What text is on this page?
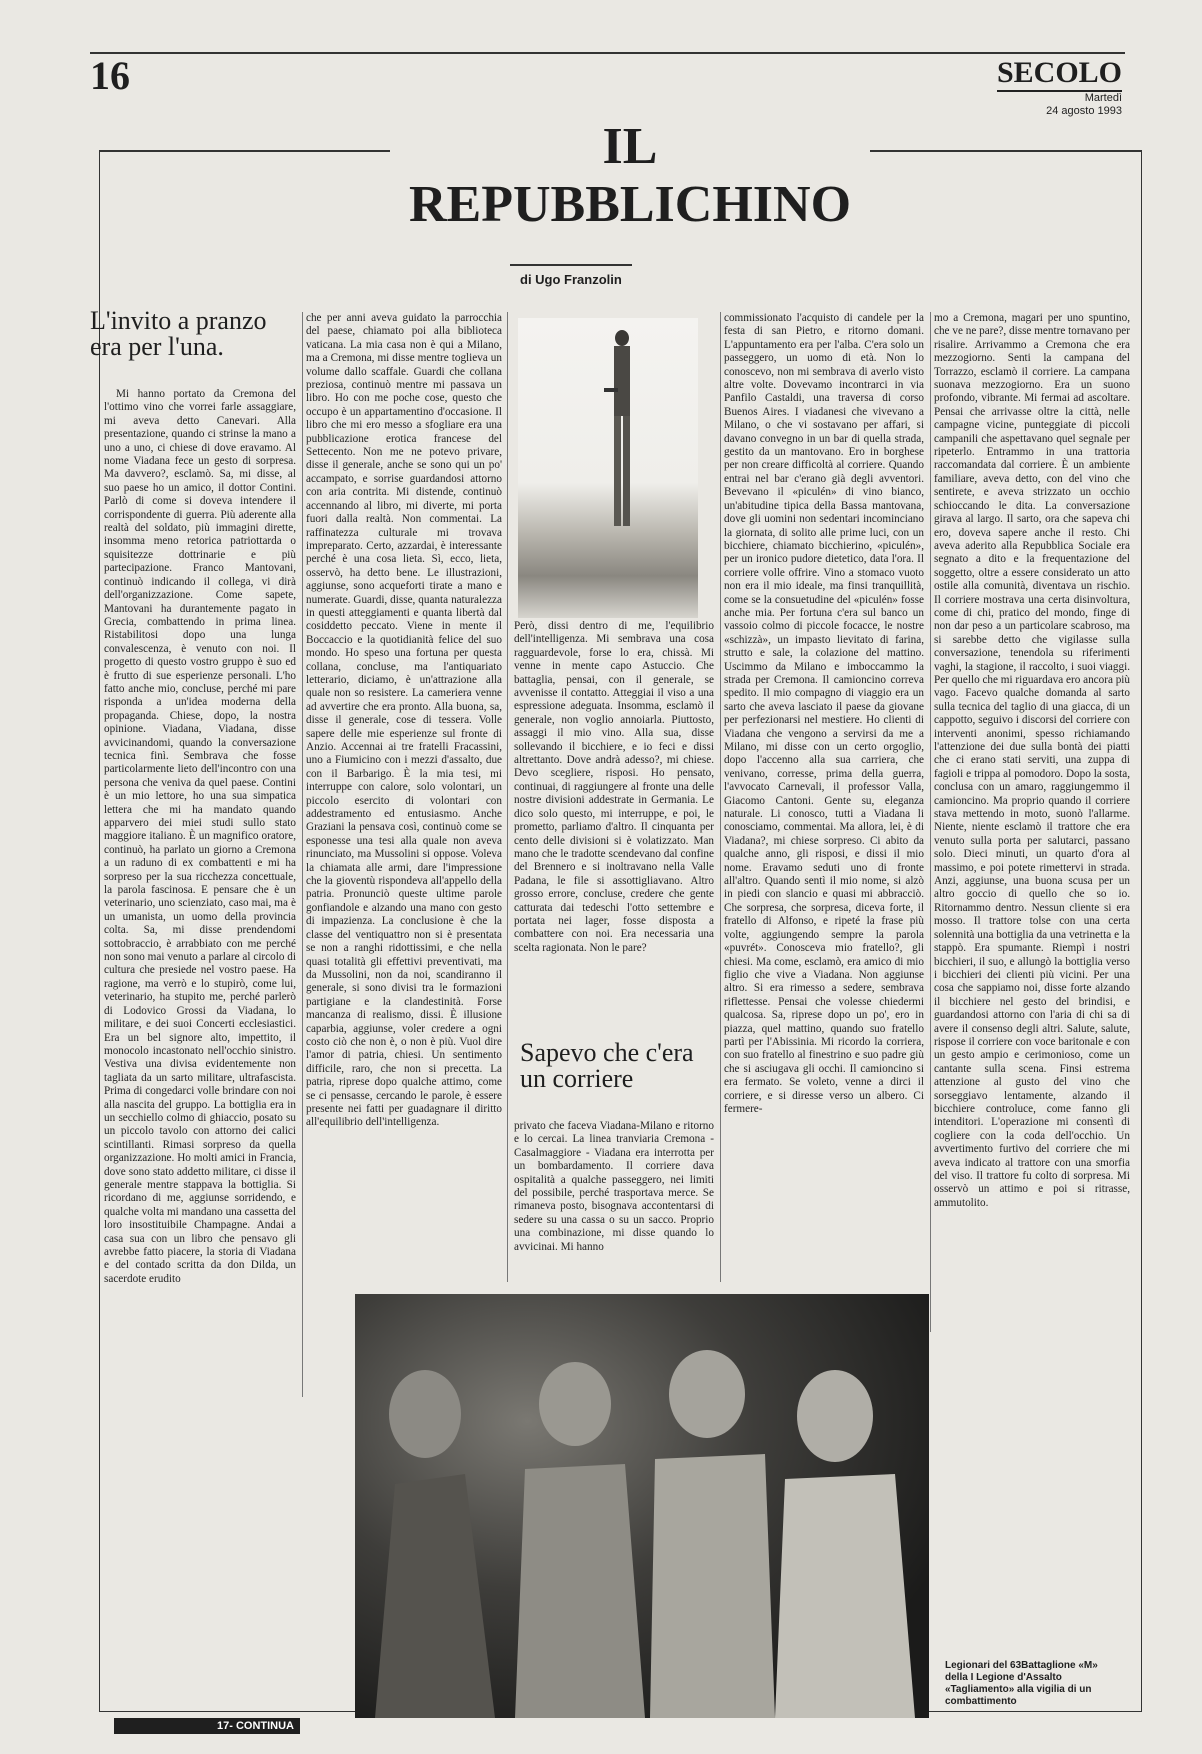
16	SECOLO
Martedì
24 agosto 1993
IL
REPUBBLICHINO
di Ugo Franzolin
L'invito a pranzo era per l'una.

Mi hanno portato da Cremona del l'ottimo vino che vorrei farle assaggiare, mi aveva detto Canevari. Alla presentazione, quando ci strinse la mano a uno a uno, ci chiese di dove eravamo. Al nome Viadana fece un gesto di sorpresa. Ma davvero?, esclamò. Sa, mi disse, al suo paese ho un amico, il dottor Contini. Parlò di come si doveva intendere il corrispondente di guerra. Più aderente alla realtà del soldato, più immagini dirette, insomma meno retorica patriottarda o squisitezze dottrinarie e più partecipazione. Franco Mantovani, continuò indicando il collega, vi dirà dell'organizzazione. Come sapete, Mantovani ha durantemente pagato in Grecia, combattendo in prima linea. Ristabilitosi dopo una lunga convalescenza, è venuto con noi. Il progetto di questo vostro gruppo è suo ed è frutto di sue esperienze personali. L'ho fatto anche mio, concluse, perché mi pare risponda a un'idea moderna della propaganda. Chiese, dopo, la nostra opinione. Viadana, Viadana, disse avvicinandomi, quando la conversazione tecnica finì. Sembrava che fosse particolarmente lieto dell'incontro con una persona che veniva da quel paese. Contini è un mio lettore, ho una sua simpatica lettera che mi ha mandato quando apparvero dei miei studi sullo stato maggiore italiano. È un magnifico oratore, continuò, ha parlato un giorno a Cremona a un raduno di ex combattenti e mi ha sorpreso per la sua ricchezza concettuale, la parola fascinosa. E pensare che è un veterinario, uno scienziato, caso mai, ma è un umanista, un uomo della provincia colta. Sa, mi disse prendendomi sottobraccio, è arrabbiato con me perché non sono mai venuto a parlare al circolo di cultura che presiede nel vostro paese. Ha ragione, ma verrò e lo stupirò, come lui, veterinario, ha stupito me, perché parlerò di Lodovico Grossi da Viadana, lo militare, e dei suoi Concerti ecclesiastici. Era un bel signore alto, impettito, il monocolo incastonato nell'occhio sinistro. Vestiva una divisa evidentemente non tagliata da un sarto militare, ultrafascista. Prima di congedarci volle brindare con noi alla nascita del gruppo. La bottiglia era in un secchiello colmo di ghiaccio, posato su un piccolo tavolo con attorno dei calici scintillanti. Rimasi sorpreso da quella organizzazione. Ho molti amici in Francia, dove sono stato addetto militare, ci disse il generale mentre stappava la bottiglia. Si ricordano di me, aggiunse sorridendo, e qualche volta mi mandano una cassetta del loro insostituibile Champagne. Andai a casa sua con un libro che pensavo gli avrebbe fatto piacere, la storia di Viadana e del contado scritta da don Dilda, un sacerdote erudito

che per anni aveva guidato la parrocchia del paese, chiamato poi alla biblioteca vaticana. La mia casa non è qui a Milano, ma a Cremona, mi disse mentre toglieva un volume dallo scaffale. Guardi che collana preziosa, continuò mentre mi passava un libro. Ho con me poche cose, questo che occupo è un appartamentino d'occasione. Il libro che mi ero messo a sfogliare era una pubblicazione erotica francese del Settecento. Non me ne potevo privare, disse il generale, anche se sono qui un po' accampato, e sorrise guardandosi attorno con aria contrita. Mi distende, continuò accennando al libro, mi diverte, mi porta fuori dalla realtà. Non commentai. La raffinatezza culturale mi trovava impreparato. Certo, azzardai, è interessante perché è una cosa lieta. Sì, ecco, lieta, osservò, ha detto bene. Le illustrazioni, aggiunse, sono acqueforti tirate a mano e numerate. Guardi, disse, quanta naturalezza in questi atteggiamenti e quanta libertà dal cosiddetto peccato. Viene in mente il Boccaccio e la quotidianità felice del suo mondo. Ho speso una fortuna per questa collana, concluse, ma l'antiquariato letterario, diciamo, è un'attrazione alla quale non so resistere. La cameriera venne ad avvertire che era pronto. Alla buona, sa, disse il generale, cose di tessera. Volle sapere delle mie esperienze sul fronte di Anzio. Accennai ai tre fratelli Fracassini, uno a Fiumicino con i mezzi d'assalto, due con il Barbarigo. È la mia tesi, mi interruppe con calore, solo volontari, un piccolo esercito di volontari con addestramento ed entusiasmo. Anche Graziani la pensava così, continuò come se esponesse una tesi alla quale non aveva rinunciato, ma Mussolini si oppose. Voleva la chiamata alle armi, dare l'impressione che la gioventù rispondeva all'appello della patria. Pronunciò queste ultime parole gonfiandole e alzando una mano con gesto di impazienza. La conclusione è che la classe del ventiquattro non si è presentata se non a ranghi ridottissimi, e che nella quasi totalità gli effettivi preventivati, ma da Mussolini, non da noi, scandiranno il generale, si sono divisi tra le formazioni partigiane e la clandestinità. Forse mancanza di realismo, dissi. È illusione caparbia, aggiunse, voler credere a ogni costo ciò che non è, o non è più. Vuol dire l'amor di patria, chiesi. Un sentimento difficile, raro, che non si precetta. La patria, riprese dopo qualche attimo, come se ci pensasse, cercando le parole, è essere presente nei fatti per guadagnare il diritto all'equilibrio dell'intelligenza.

Però, dissi dentro di me, l'equilibrio dell'intelligenza. Mi sembrava una cosa ragguardevole, forse lo era, chissà. Mi venne in mente capo Astuccio. Che battaglia, pensai, con il generale, se avvenisse il contatto. Atteggiai il viso a una espressione adeguata. Insomma, esclamò il generale, non voglio annoiarla. Piuttosto, assaggi il mio vino. Alla sua, disse sollevando il bicchiere, e io feci e dissi altrettanto. Dove andrà adesso?, mi chiese. Devo scegliere, risposi. Ho pensato, continuai, di raggiungere al fronte una delle nostre divisioni addestrate in Germania. Le dico solo questo, mi interruppe, e poi, le prometto, parliamo d'altro. Il cinquanta per cento delle divisioni si è volatizzato. Man mano che le tradotte scendevano dal confine del Brennero e si inoltravano nella Valle Padana, le file si assottigliavano. Altro grosso errore, concluse, credere che gente catturata dai tedeschi l'otto settembre e portata nei lager, fosse disposta a combattere con noi. Era necessaria una scelta ragionata. Non le pare?

Sapevo che c'era un corriere

privato che faceva Viadana-Milano e ritorno e lo cercai. La linea tranviaria Cremona - Casalmaggiore - Viadana era interrotta per un bombardamento. Il corriere dava ospitalità a qualche passeggero, nei limiti del possibile, perché trasportava merce. Se rimaneva posto, bisognava accontentarsi di sedere su una cassa o su un sacco. Proprio una combinazione, mi disse quando lo avvicinai. Mi hanno

commissionato l'acquisto di candele per la festa di san Pietro, e ritorno domani. L'appuntamento era per l'alba. C'era solo un passeggero, un uomo di età. Non lo conoscevo, non mi sembrava di averlo visto altre volte. Dovevamo incontrarci in via Panfilo Castaldi, una traversa di corso Buenos Aires. I viadanesi che vivevano a Milano, o che vi sostavano per affari, si davano convegno in un bar di quella strada, gestito da un mantovano. Ero in borghese per non creare difficoltà al corriere. Quando entrai nel bar c'erano già degli avventori. Bevevano il «piculén» di vino bianco, un'abitudine tipica della Bassa mantovana, dove gli uomini non sedentari incominciano la giornata, di solito alle prime luci, con un bicchiere, chiamato bicchierino, «piculén», per un ironico pudore dietetico, data l'ora. Il corriere volle offrire. Vino a stomaco vuoto non era il mio ideale, ma finsi tranquillità, come se la consuetudine del «piculén» fosse anche mia. Per fortuna c'era sul banco un vassoio colmo di piccole focacce, le nostre «schizzà», un impasto lievitato di farina, strutto e sale, la colazione del mattino. Uscimmo da Milano e imboccammo la strada per Cremona. Il camioncino correva spedito. Il mio compagno di viaggio era un sarto che aveva lasciato il paese da giovane per perfezionarsi nel mestiere. Ho clienti di Viadana che vengono a servirsi da me a Milano, mi disse con un certo orgoglio, dopo l'accenno alla sua carriera, che venivano, corresse, prima della guerra, l'avvocato Carnevali, il professor Valla, Giacomo Cantoni. Gente su, eleganza naturale. Li conosco, tutti a Viadana li conosciamo, commentai. Ma allora, lei, è di Viadana?, mi chiese sorpreso. Ci abito da qualche anno, gli risposi, e dissi il mio nome. Eravamo seduti uno di fronte all'altro. Quando sentì il mio nome, si alzò in piedi con slancio e quasi mi abbracciò. Che sorpresa, che sorpresa, diceva forte, il fratello di Alfonso, e ripeté la frase più volte, aggiungendo sempre la parola «puvrét». Conosceva mio fratello?, gli chiesi. Ma come, esclamò, era amico di mio figlio che vive a Viadana. Non aggiunse altro. Si era rimesso a sedere, sembrava riflettesse. Pensai che volesse chiedermi qualcosa. Sa, riprese dopo un po', ero in piazza, quel mattino, quando suo fratello partì per l'Abissinia. Mi ricordo la corriera, con suo fratello al finestrino e suo padre giù che si asciugava gli occhi. Il camioncino si era fermato. Se voleto, venne a dirci il corriere, e si diresse verso un albero. Ci fermere-

mo a Cremona, magari per uno spuntino, che ve ne pare?, disse mentre tornavano per risalire. Arrivammo a Cremona che era mezzogiorno. Senti la campana del Torrazzo, esclamò il corriere. La campana suonava mezzogiorno. Era un suono profondo, vibrante. Mi fermai ad ascoltare. Pensai che arrivasse oltre la città, nelle campagne vicine, punteggiate di piccoli campanili che aspettavano quel segnale per ripeterlo. Entrammo in una trattoria raccomandata dal corriere. È un ambiente familiare, aveva detto, con del vino che sentirete, e aveva strizzato un occhio schioccando le dita. La conversazione girava al largo. Il sarto, ora che sapeva chi ero, doveva sapere anche il resto. Chi aveva aderito alla Repubblica Sociale era segnato a dito e la frequentazione del soggetto, oltre a essere considerato un atto ostile alla comunità, diventava un rischio. Il corriere mostrava una certa disinvoltura, come di chi, pratico del mondo, finge di non dar peso a un particolare scabroso, ma si sarebbe detto che vigilasse sulla conversazione, tenendola su riferimenti vaghi, la stagione, il raccolto, i suoi viaggi. Per quello che mi riguardava ero ancora più vago. Facevo qualche domanda al sarto sulla tecnica del taglio di una giacca, di un cappotto, seguivo i discorsi del corriere con interventi anonimi, spesso richiamando l'attenzione dei due sulla bontà dei piatti che ci erano stati serviti, una zuppa di fagioli e trippa al pomodoro. Dopo la sosta, conclusa con un amaro, raggiungemmo il camioncino. Ma proprio quando il corriere stava mettendo in moto, suonò l'allarme. Niente, niente esclamò il trattore che era venuto sulla porta per salutarci, passano solo. Dieci minuti, un quarto d'ora al massimo, e poi potete rimettervi in strada. Anzi, aggiunse, una buona scusa per un altro goccio di quello che so io. Ritornammo dentro. Nessun cliente si era mosso. Il trattore tolse con una certa solennità una bottiglia da una vetrinetta e la stappò. Era spumante. Riempì i nostri bicchieri, il suo, e allungò la bottiglia verso i bicchieri dei clienti più vicini. Per una cosa che sappiamo noi, disse forte alzando il bicchiere nel gesto del brindisi, e guardandosi attorno con l'aria di chi sa di avere il consenso degli altri. Salute, salute, rispose il corriere con voce baritonale e con un gesto ampio e cerimonioso, come un cantante sulla scena. Finsi estrema attenzione al gusto del vino che sorseggiavo lentamente, alzando il bicchiere controluce, come fanno gli intenditori. L'operazione mi consentì di cogliere con la coda dell'occhio. Un avvertimento furtivo del corriere che mi aveva indicato al trattore con una smorfia del viso. Il trattore fu colto di sorpresa. Mi osservò un attimo e poi si ritrasse, ammutolito.

Legionari del 63Battaglione «M» della I Legione d'Assalto «Tagliamento» alla vigilia di un combattimento
17- CONTINUA
